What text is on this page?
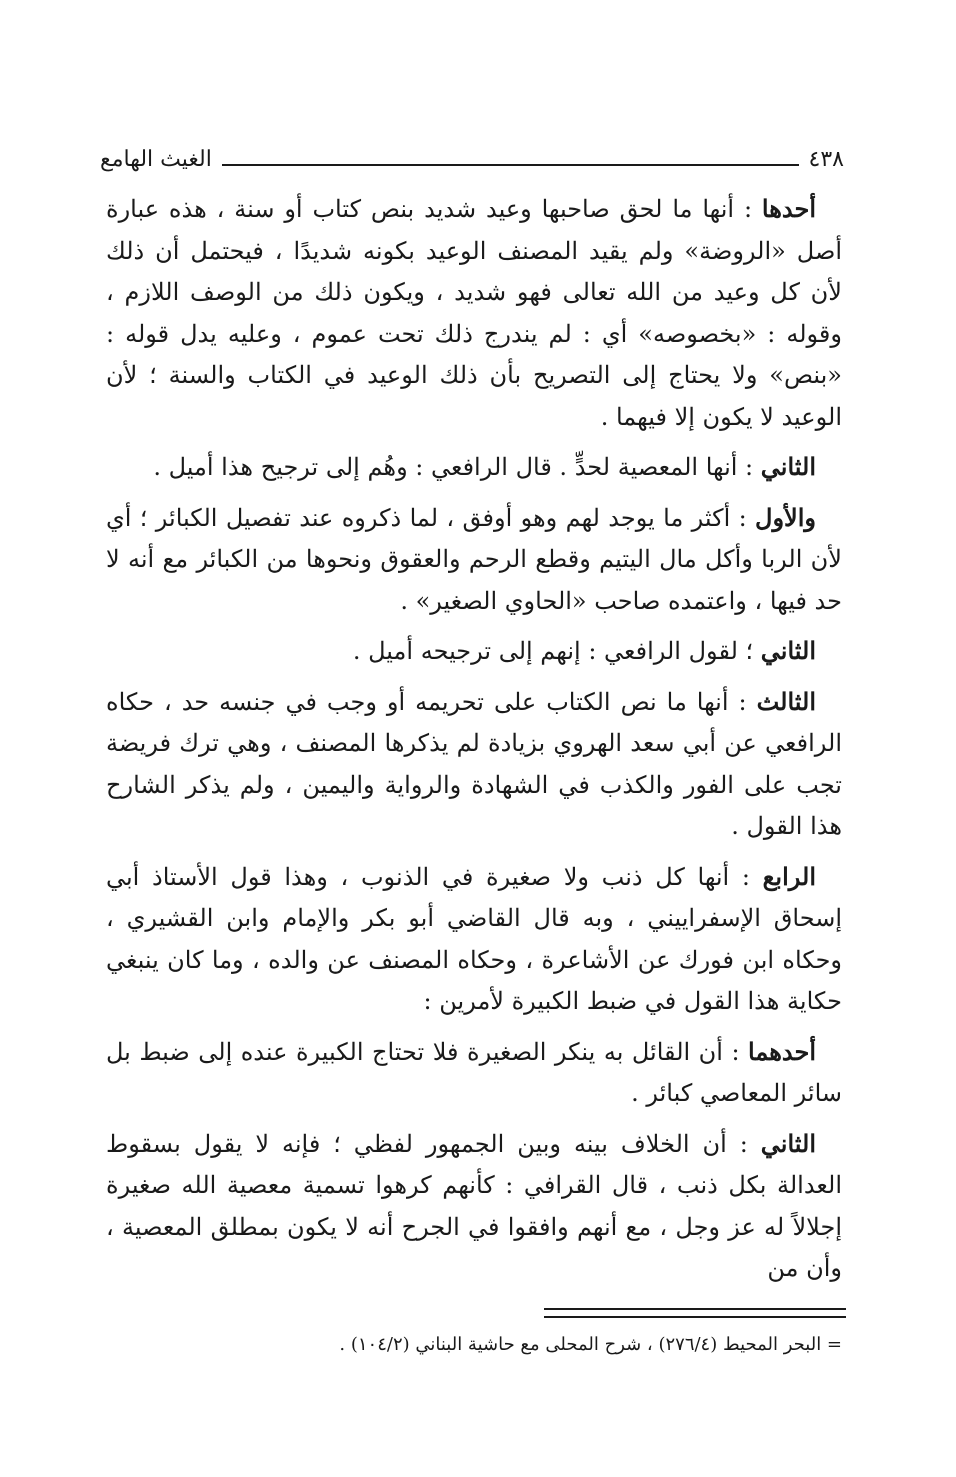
٤٣٨
الغيث الهامع

أحدها : أنها ما لحق صاحبها وعيد شديد بنص كتاب أو سنة ، هذه عبارة أصل «الروضة» ولم يقيد المصنف الوعيد بكونه شديدًا ، فيحتمل أن ذلك لأن كل وعيد من الله تعالى فهو شديد ، ويكون ذلك من الوصف اللازم ، وقوله : «بخصوصه» أي : لم يندرج ذلك تحت عموم ، وعليه يدل قوله : «بنص» ولا يحتاج إلى التصريح بأن ذلك الوعيد في الكتاب والسنة ؛ لأن الوعيد لا يكون إلا فيهما .

الثاني : أنها المعصية لحدٍّ . قال الرافعي : وهُم إلى ترجيح هذا أميل .

والأول : أكثر ما يوجد لهم وهو أوفق ، لما ذكروه عند تفصيل الكبائر ؛ أي لأن الربا وأكل مال اليتيم وقطع الرحم والعقوق ونحوها من الكبائر مع أنه لا حد فيها ، واعتمده صاحب «الحاوي الصغير» .

الثاني ؛ لقول الرافعي : إنهم إلى ترجيحه أميل .

الثالث : أنها ما نص الكتاب على تحريمه أو وجب في جنسه حد ، حكاه الرافعي عن أبي سعد الهروي بزيادة لم يذكرها المصنف ، وهي ترك فريضة تجب على الفور والكذب في الشهادة والرواية واليمين ، ولم يذكر الشارح هذا القول .

الرابع : أنها كل ذنب ولا صغيرة في الذنوب ، وهذا قول الأستاذ أبي إسحاق الإسفراييني ، وبه قال القاضي أبو بكر والإمام وابن القشيري ، وحكاه ابن فورك عن الأشاعرة ، وحكاه المصنف عن والده ، وما كان ينبغي حكاية هذا القول في ضبط الكبيرة لأمرين :

أحدهما : أن القائل به ينكر الصغيرة فلا تحتاج الكبيرة عنده إلى ضبط بل سائر المعاصي كبائر .

الثاني : أن الخلاف بينه وبين الجمهور لفظي ؛ فإنه لا يقول بسقوط العدالة بكل ذنب ، قال القرافي : كأنهم كرهوا تسمية معصية الله صغيرة إجلالاً له عز وجل ، مع أنهم وافقوا في الجرح أنه لا يكون بمطلق المعصية ، وأن من

= البحر المحيط (٢٧٦/٤) ، شرح المحلى مع حاشية البناني (١٠٤/٢) .
